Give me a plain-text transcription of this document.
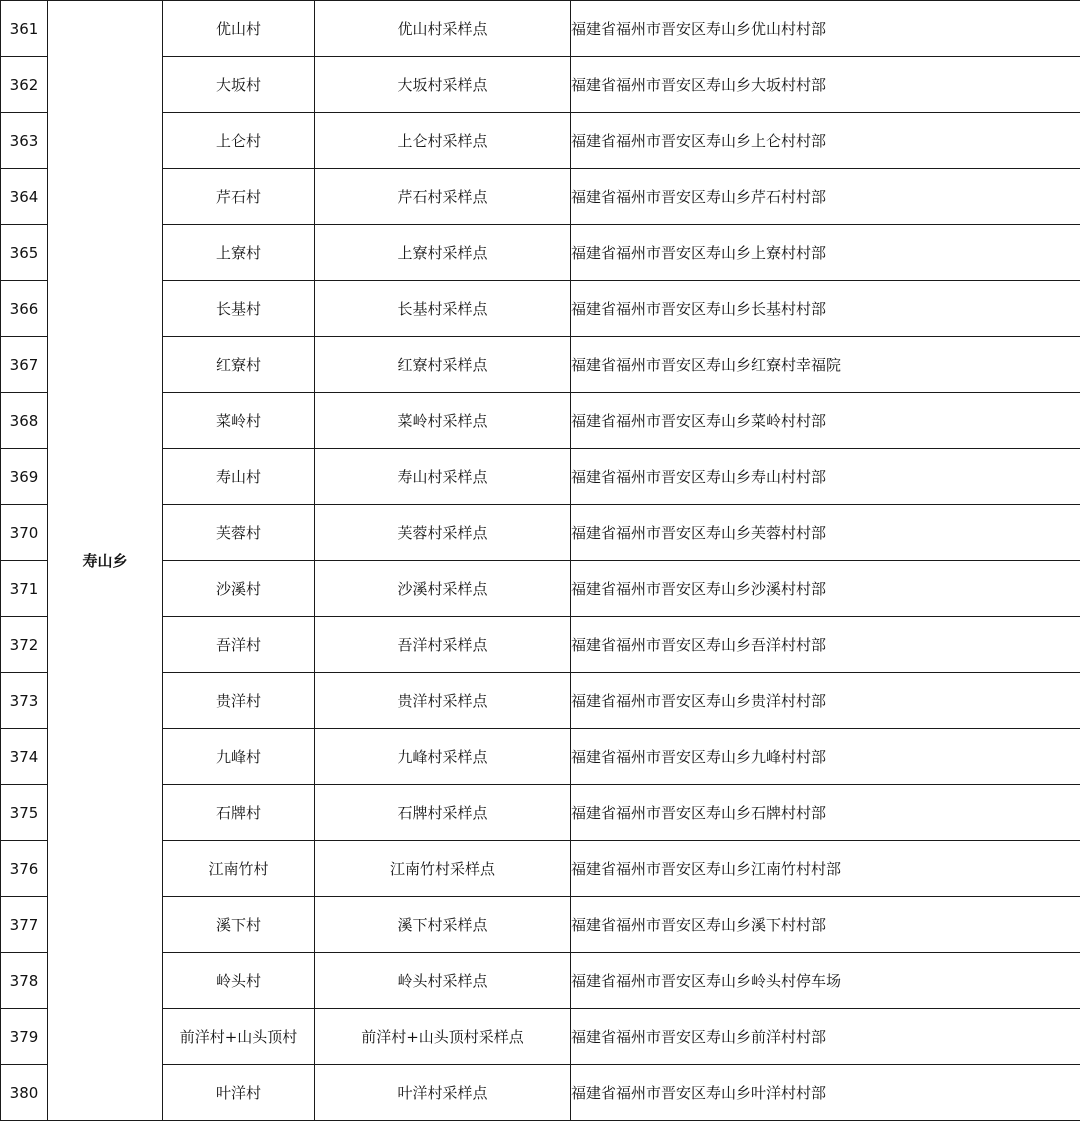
361	寿山乡	优山村	优山村采样点	福建省福州市晋安区寿山乡优山村村部
362		大坂村	大坂村采样点	福建省福州市晋安区寿山乡大坂村村部
363		上仑村	上仑村采样点	福建省福州市晋安区寿山乡上仑村村部
364		芹石村	芹石村采样点	福建省福州市晋安区寿山乡芹石村村部
365		上寮村	上寮村采样点	福建省福州市晋安区寿山乡上寮村村部
366		长基村	长基村采样点	福建省福州市晋安区寿山乡长基村村部
367		红寮村	红寮村采样点	福建省福州市晋安区寿山乡红寮村幸福院
368		菜岭村	菜岭村采样点	福建省福州市晋安区寿山乡菜岭村村部
369		寿山村	寿山村采样点	福建省福州市晋安区寿山乡寿山村村部
370		芙蓉村	芙蓉村采样点	福建省福州市晋安区寿山乡芙蓉村村部
371		沙溪村	沙溪村采样点	福建省福州市晋安区寿山乡沙溪村村部
372		吾洋村	吾洋村采样点	福建省福州市晋安区寿山乡吾洋村村部
373		贵洋村	贵洋村采样点	福建省福州市晋安区寿山乡贵洋村村部
374		九峰村	九峰村采样点	福建省福州市晋安区寿山乡九峰村村部
375		石牌村	石牌村采样点	福建省福州市晋安区寿山乡石牌村村部
376		江南竹村	江南竹村采样点	福建省福州市晋安区寿山乡江南竹村村部
377		溪下村	溪下村采样点	福建省福州市晋安区寿山乡溪下村村部
378		岭头村	岭头村采样点	福建省福州市晋安区寿山乡岭头村停车场
379		前洋村+山头顶村	前洋村+山头顶村采样点	福建省福州市晋安区寿山乡前洋村村部
380		叶洋村	叶洋村采样点	福建省福州市晋安区寿山乡叶洋村村部
